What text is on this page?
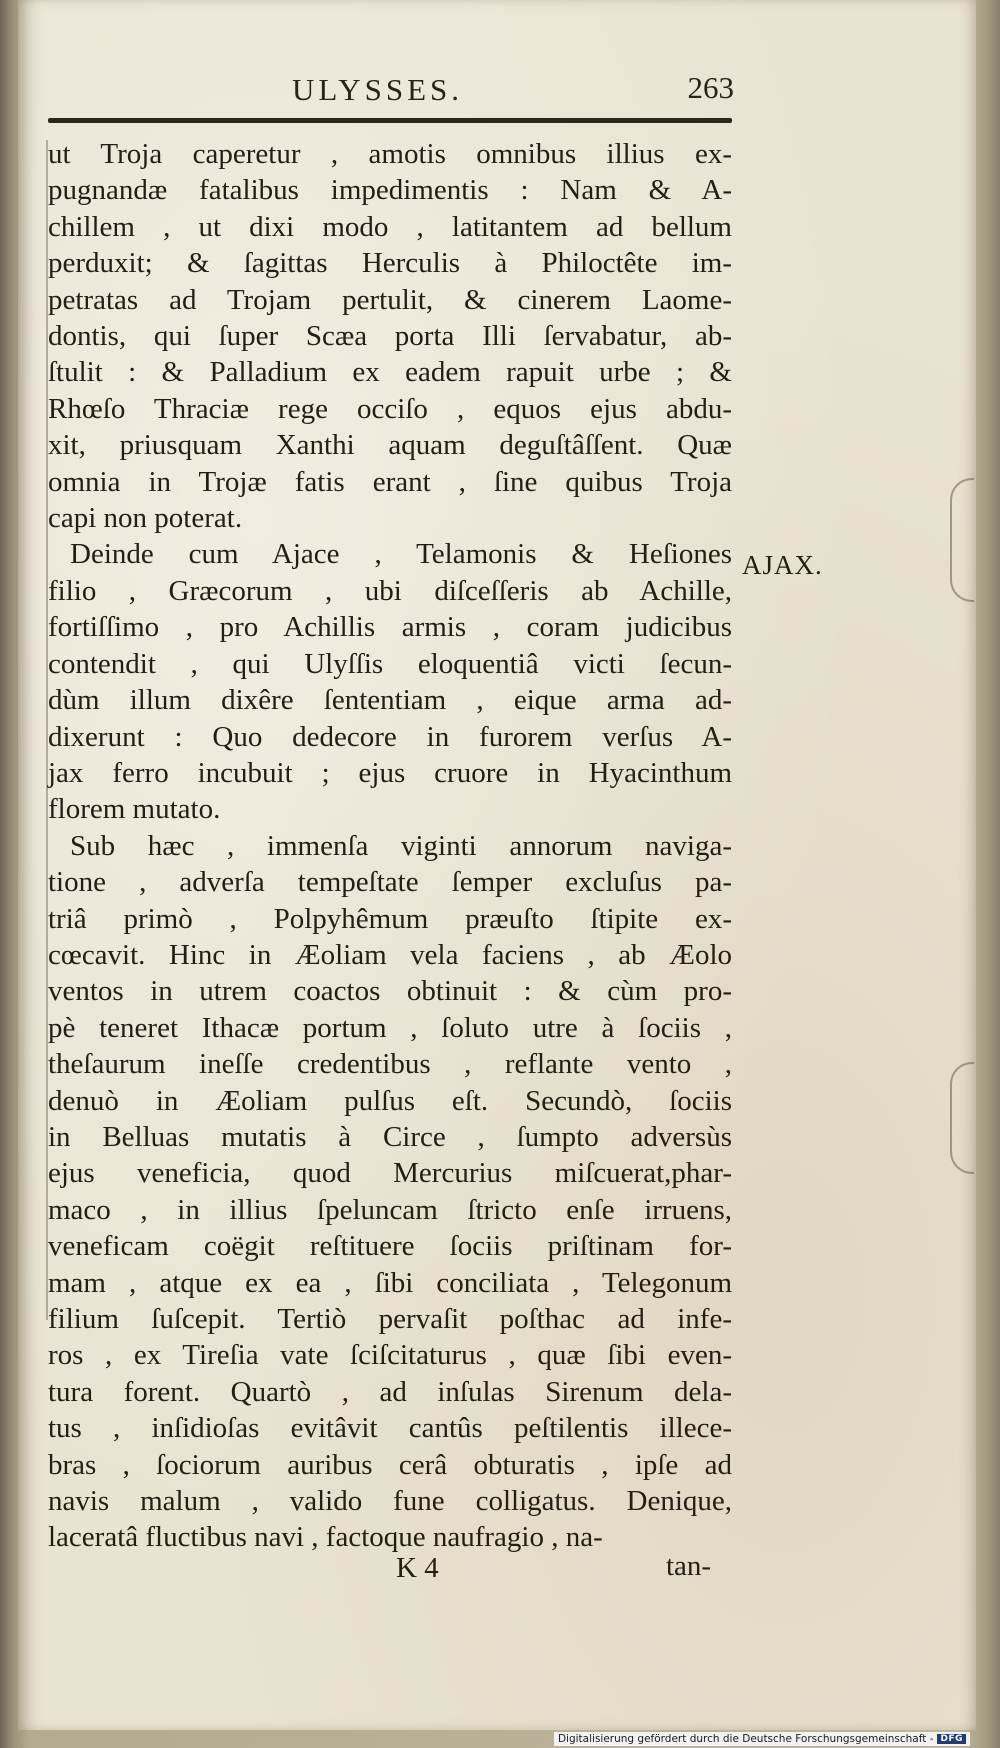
ULYSSES.	263
AJAX.
ut Troja caperetur , amotis omnibus illius ex-
pugnandæ fatalibus impedimentis : Nam & A-
chillem , ut dixi modo , latitantem ad bellum
perduxit; & ſagittas Herculis à Philoctête im-
petratas ad Trojam pertulit, & cinerem Laome-
dontis, qui ſuper Scæa porta Illi ſervabatur, ab-
ſtulit : & Palladium ex eadem rapuit urbe ; &
Rhœſo Thraciæ rege occiſo , equos ejus abdu-
xit, priusquam Xanthi aquam deguſtâſſent. Quæ
omnia in Trojæ fatis erant , ſine quibus Troja
capi non poterat.
Deinde cum Ajace , Telamonis & Heſiones
filio , Græcorum , ubi diſceſſeris ab Achille,
fortiſſimo , pro Achillis armis , coram judicibus
contendit , qui Ulyſſis eloquentiâ victi ſecun-
dùm illum dixêre ſententiam , eique arma ad-
dixerunt : Quo dedecore in furorem verſus A-
jax ferro incubuit ; ejus cruore in Hyacinthum
florem mutato.
Sub hæc , immenſa viginti annorum naviga-
tione , adverſa tempeſtate ſemper excluſus pa-
triâ primò , Polpyhêmum præuſto ſtipite ex-
cœcavit. Hinc in Æoliam vela faciens , ab Æolo
ventos in utrem coactos obtinuit : & cùm pro-
pè teneret Ithacæ portum , ſoluto utre à ſociis ,
theſaurum ineſſe credentibus , reflante vento ,
denuò in Æoliam pulſus eſt. Secundò, ſociis
in Belluas mutatis à Circe , ſumpto adversùs
ejus veneficia, quod Mercurius miſcuerat,phar-
maco , in illius ſpeluncam ſtricto enſe irruens,
veneficam coëgit reſtituere ſociis priſtinam for-
mam , atque ex ea , ſibi conciliata , Telegonum
filium ſuſcepit. Tertiò pervaſit poſthac ad infe-
ros , ex Tireſia vate ſciſcitaturus , quæ ſibi even-
tura forent. Quartò , ad inſulas Sirenum dela-
tus , inſidioſas evitâvit cantûs peſtilentis illece-
bras , ſociorum auribus cerâ obturatis , ipſe ad
navis malum , valido fune colligatus. Denique,
laceratâ fluctibus navi , factoque naufragio , na-
K 4	tan-
Digitalisierung gefördert durch die Deutsche Forschungsgemeinschaft - DFG
